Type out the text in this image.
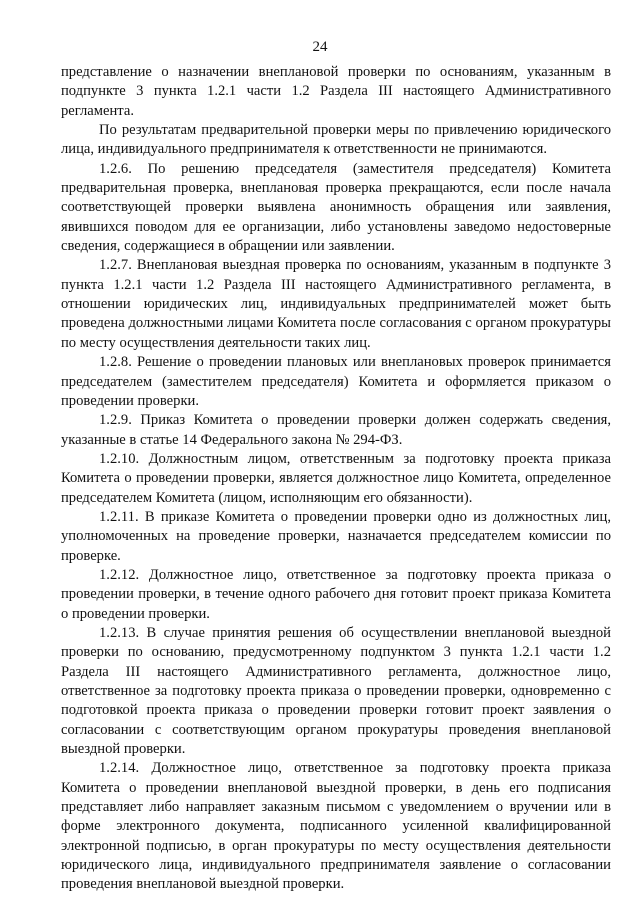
24

представление о назначении внеплановой проверки по основаниям, указанным в подпункте 3 пункта 1.2.1 части 1.2 Раздела III настоящего Административного регламента.

По результатам предварительной проверки меры по привлечению юридического лица, индивидуального предпринимателя к ответственности не принимаются.

1.2.6. По решению председателя (заместителя председателя) Комитета предварительная проверка, внеплановая проверка прекращаются, если после начала соответствующей проверки выявлена анонимность обращения или заявления, явившихся поводом для ее организации, либо установлены заведомо недостоверные сведения, содержащиеся в обращении или заявлении.

1.2.7. Внеплановая выездная проверка по основаниям, указанным в подпункте 3 пункта 1.2.1 части 1.2 Раздела III настоящего Административного регламента, в отношении юридических лиц, индивидуальных предпринимателей может быть проведена должностными лицами Комитета после согласования с органом прокуратуры по месту осуществления деятельности таких лиц.

1.2.8. Решение о проведении плановых или внеплановых проверок принимается председателем (заместителем председателя) Комитета и оформляется приказом о проведении проверки.

1.2.9. Приказ Комитета о проведении проверки должен содержать сведения, указанные в статье 14 Федерального закона № 294-ФЗ.

1.2.10. Должностным лицом, ответственным за подготовку проекта приказа Комитета о проведении проверки, является должностное лицо Комитета, определенное председателем Комитета (лицом, исполняющим его обязанности).

1.2.11. В приказе Комитета о проведении проверки одно из должностных лиц, уполномоченных на проведение проверки, назначается председателем комиссии по проверке.

1.2.12. Должностное лицо, ответственное за подготовку проекта приказа о проведении проверки, в течение одного рабочего дня готовит проект приказа Комитета о проведении проверки.

1.2.13. В случае принятия решения об осуществлении внеплановой выездной проверки по основанию, предусмотренному подпунктом 3 пункта 1.2.1 части 1.2 Раздела III настоящего Административного регламента, должностное лицо, ответственное за подготовку проекта приказа о проведении проверки, одновременно с подготовкой проекта приказа о проведении проверки готовит проект заявления о согласовании с соответствующим органом прокуратуры проведения внеплановой выездной проверки.

1.2.14. Должностное лицо, ответственное за подготовку проекта приказа Комитета о проведении внеплановой выездной проверки, в день его подписания представляет либо направляет заказным письмом с уведомлением о вручении или в форме электронного документа, подписанного усиленной квалифицированной электронной подписью, в орган прокуратуры по месту осуществления деятельности юридического лица, индивидуального предпринимателя заявление о согласовании проведения внеплановой выездной проверки.
